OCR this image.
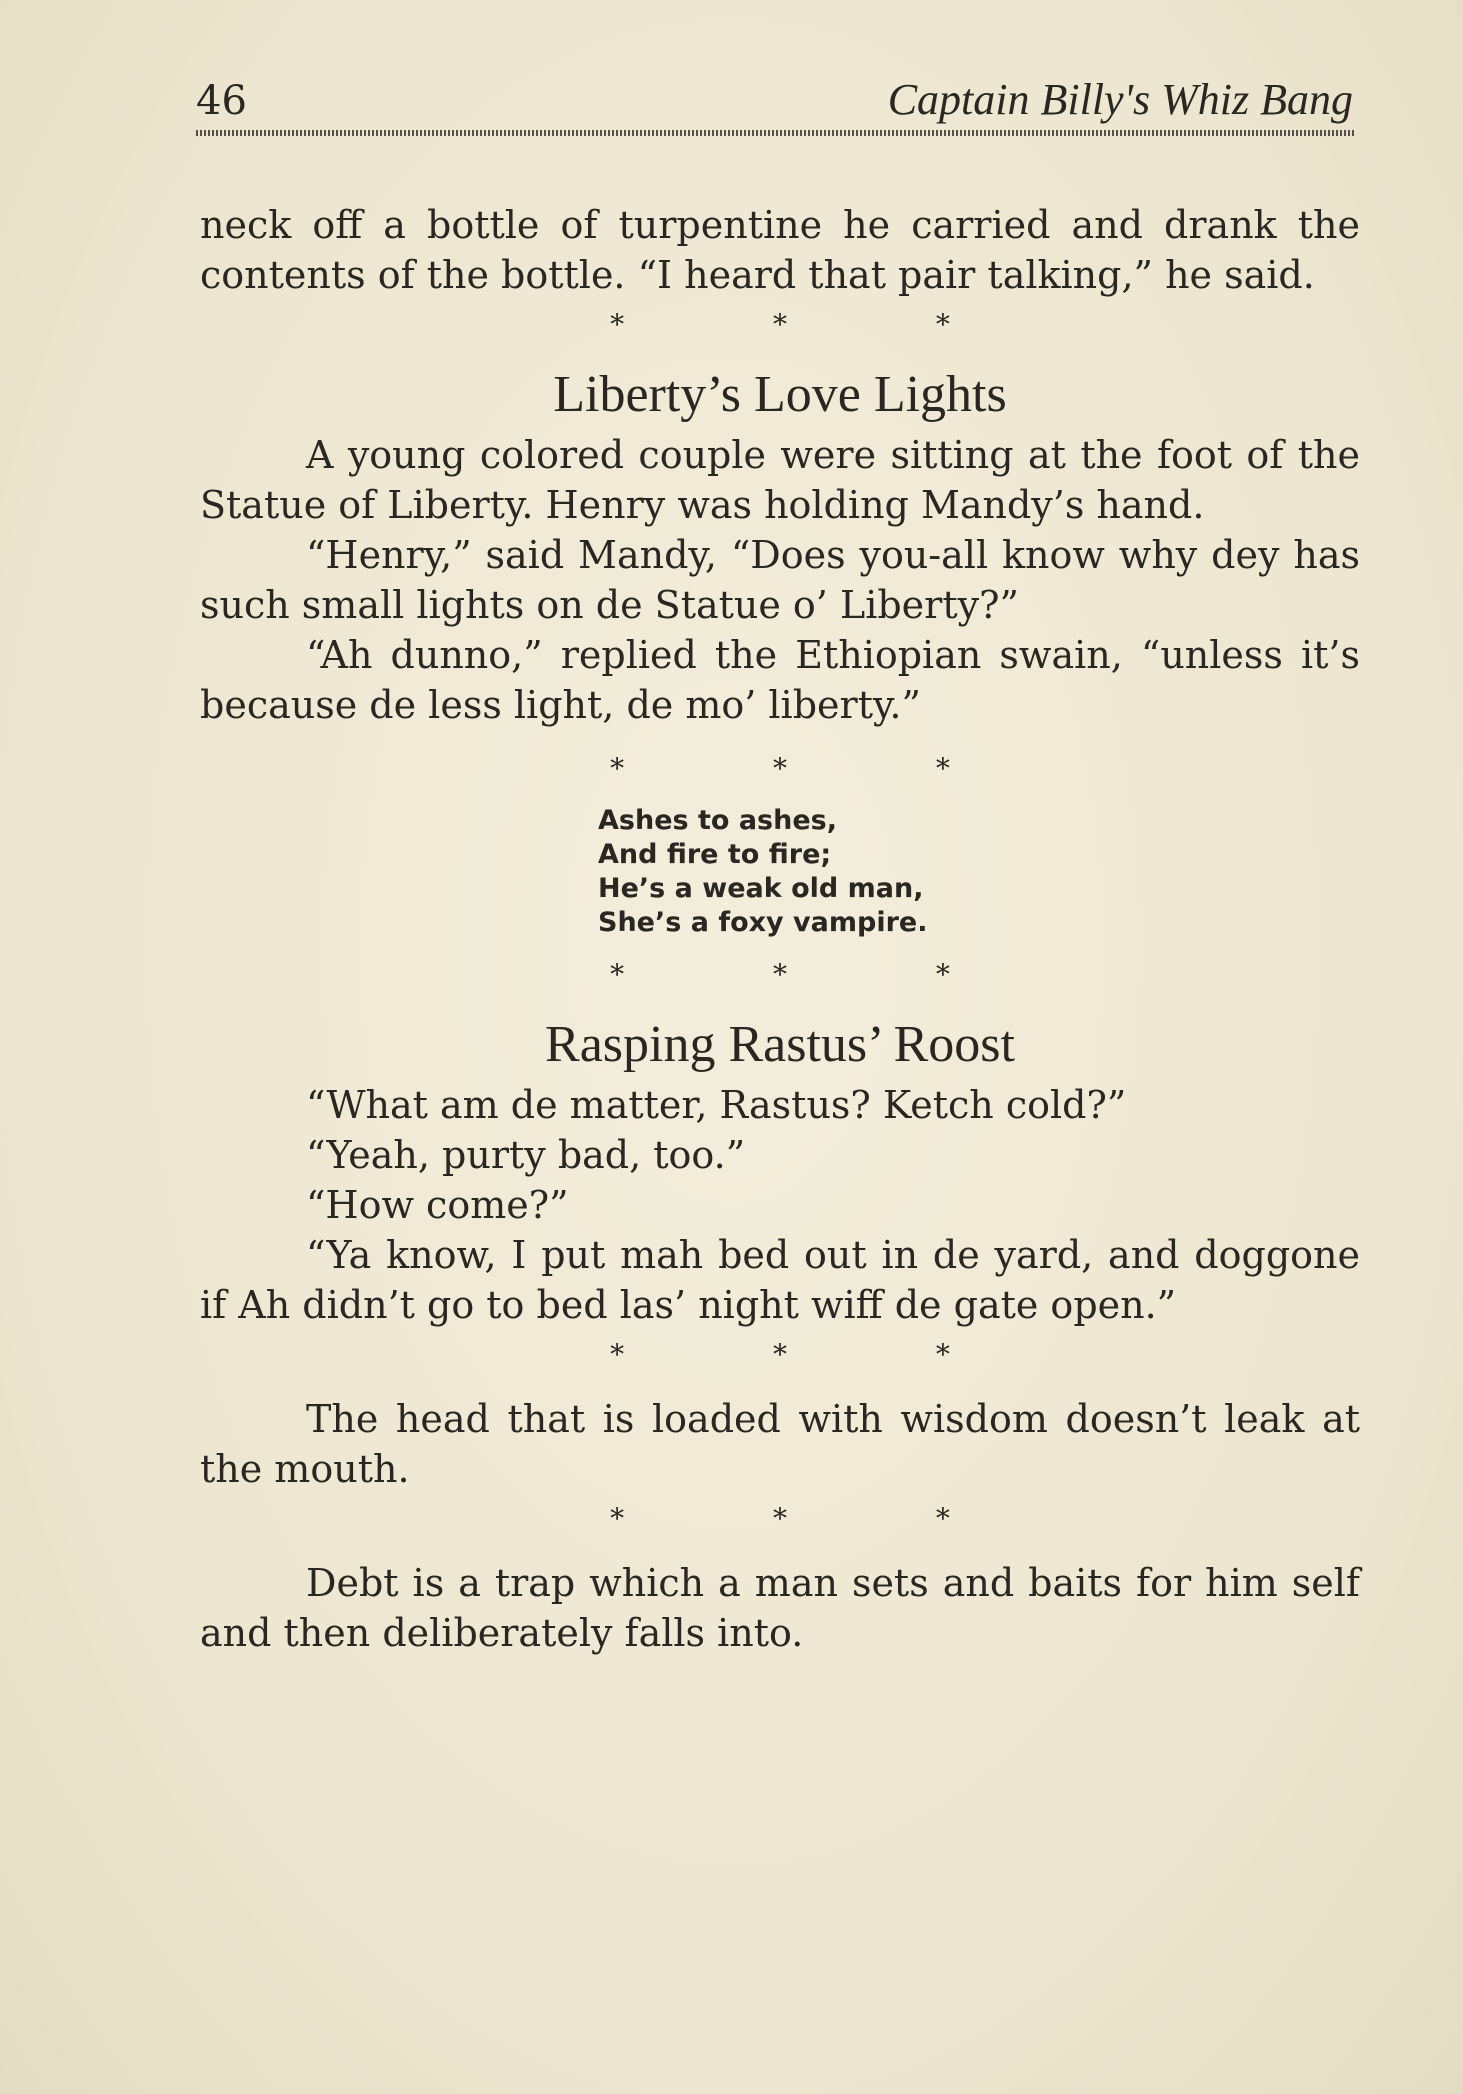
46	Captain Billy's Whiz Bang

neck off a bottle of turpentine he carried and drank the contents of the bottle. “I heard that pair talking,” he said.

* * *

Liberty’s Love Lights

A young colored couple were sitting at the foot of the Statue of Liberty. Henry was holding Mandy’s hand.

“Henry,” said Mandy, “Does you-all know why dey has such small lights on de Statue o’ Liberty?”

“Ah dunno,” replied the Ethiopian swain, “unless it’s because de less light, de mo’ liberty.”

* * *

Ashes to ashes,
And fire to fire;
He’s a weak old man,
She’s a foxy vampire.

* * *

Rasping Rastus’ Roost

“What am de matter, Rastus? Ketch cold?”

“Yeah, purty bad, too.”

“How come?”

“Ya know, I put mah bed out in de yard, and doggone if Ah didn’t go to bed las’ night wiff de gate open.”

* * *

The head that is loaded with wisdom doesn’t leak at the mouth.

* * *

Debt is a trap which a man sets and baits for him self and then deliberately falls into.
